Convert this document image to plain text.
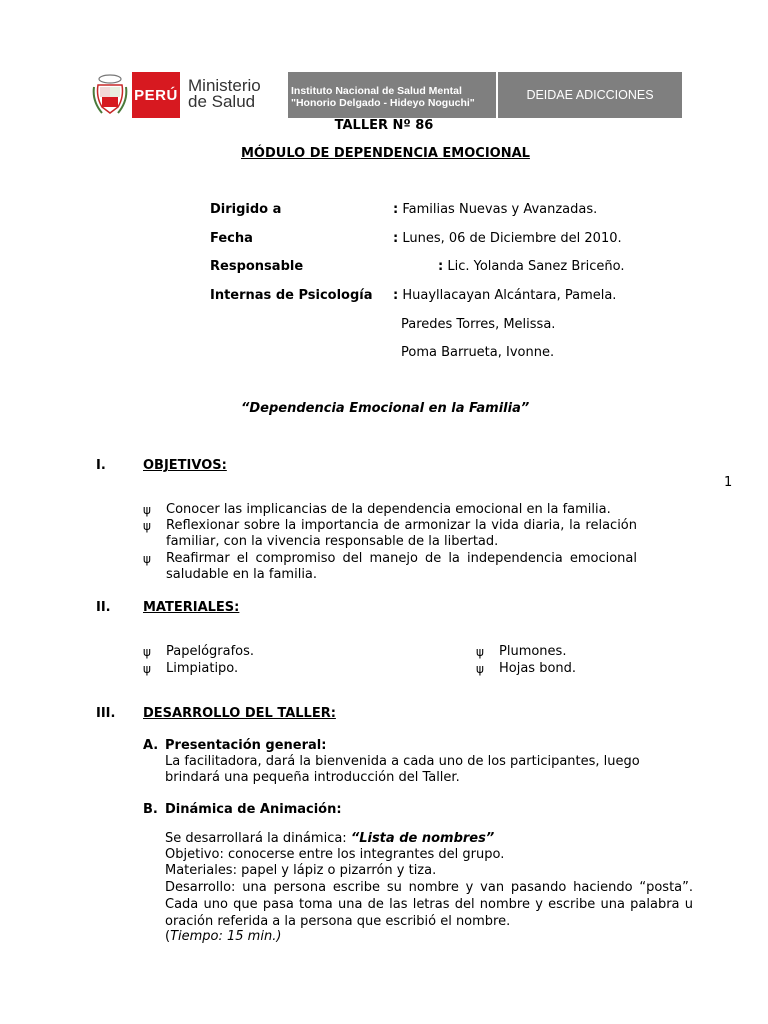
PERÚ Ministerio
de Salud
Instituto Nacional de Salud Mental
"Honorio Delgado - Hideyo Noguchi"
DEIDAE ADICCIONES
TALLER Nº 86
MÓDULO DE DEPENDENCIA EMOCIONAL
Dirigido a	: Familias Nuevas y Avanzadas.
Fecha	: Lunes, 06 de Diciembre del 2010.
Responsable	: Lic. Yolanda Sanez Briceño.
Internas de Psicología : Huayllacayan Alcántara, Pamela.
Paredes Torres, Melissa.
Poma Barrueta, Ivonne.
“Dependencia Emocional en la Familia”
I.	OBJETIVOS:
1
ψ Conocer las implicancias de la dependencia emocional en la familia.
ψ Reflexionar sobre la importancia de armonizar la vida diaria, la relación familiar, con la vivencia responsable de la libertad.
ψ Reafirmar el compromiso del manejo de la independencia emocional saludable en la familia.
II. MATERIALES:
ψ Papelógrafos.
ψ Limpiatipo.
ψ Plumones.
ψ Hojas bond.
III. DESARROLLO DEL TALLER:
A. Presentación general:
La facilitadora, dará la bienvenida a cada uno de los participantes, luego brindará una pequeña introducción del Taller.
B. Dinámica de Animación:
Se desarrollará la dinámica: “Lista de nombres”
Objetivo: conocerse entre los integrantes del grupo.
Materiales: papel y lápiz o pizarrón y tiza.
Desarrollo: una persona escribe su nombre y van pasando haciendo “posta”. Cada uno que pasa toma una de las letras del nombre y escribe una palabra u oración referida a la persona que escribió el nombre.
(Tiempo: 15 min.)
